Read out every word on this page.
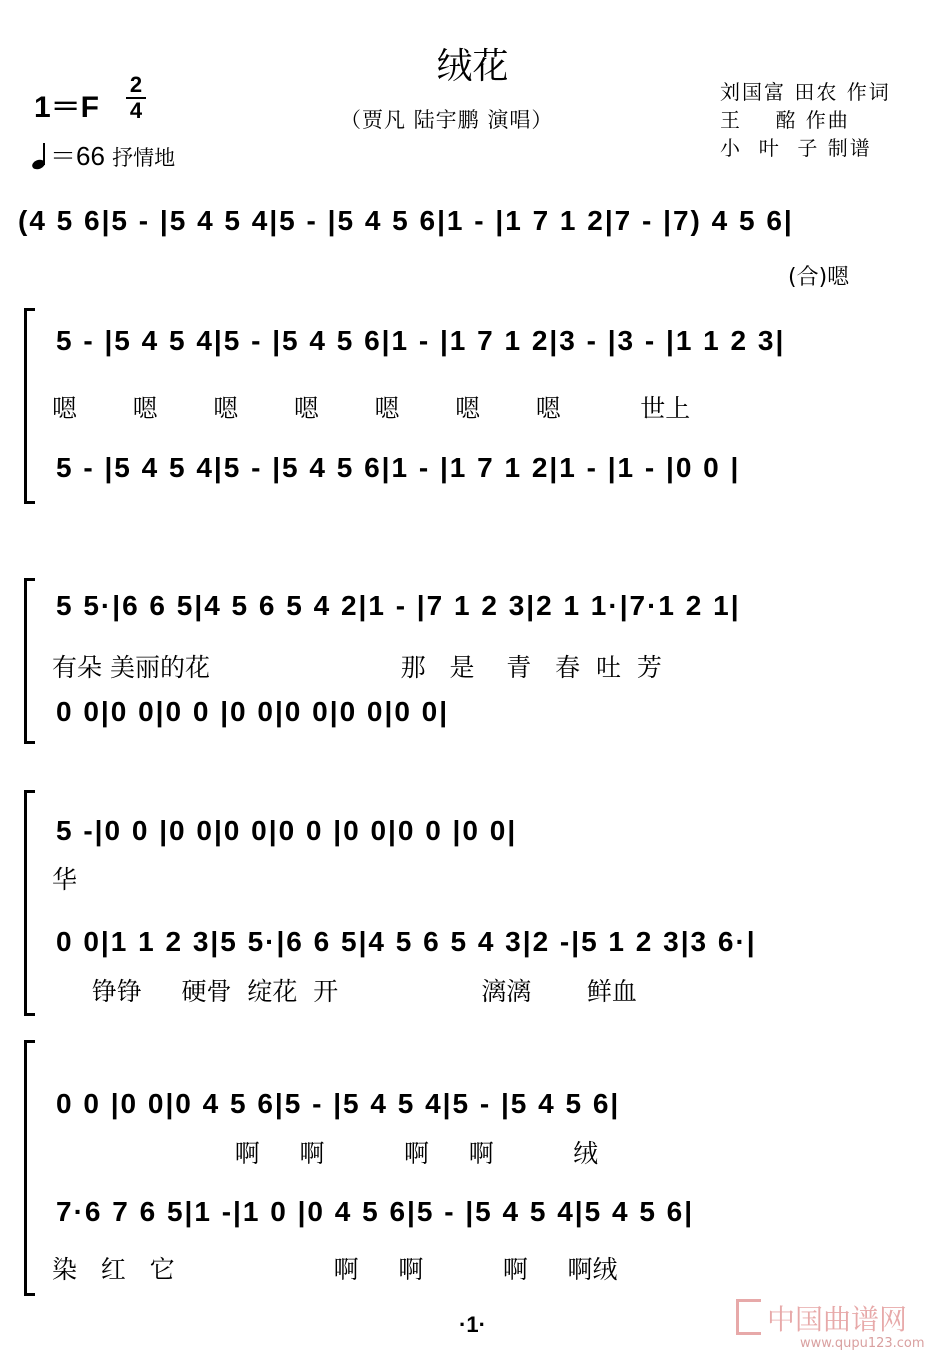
绒花
（贾凡 陆宇鹏 演唱）
1＝F
2
4
＝66 抒情地
刘国富 田农 作词
王    酩 作曲
小  叶  子 制谱
(4 5 6|5 - |5 4 5 4|5 - |5 4 5 6|1 - |1 7 1 2|7 - |7) 4 5 6|
(合)嗯
5 - |5 4 5 4|5 - |5 4 5 6|1 - |1 7 1 2|3 - |3 - |1 1 2 3|
嗯       嗯       嗯       嗯       嗯       嗯       嗯          世上
5 - |5 4 5 4|5 - |5 4 5 6|1 - |1 7 1 2|1 - |1 - |0 0 |
5 5·|6 6 5|4 5 6 5 4 2|1 - |7 1 2 3|2 1 1·|7·1 2 1|
有朵 美丽的花                        那   是    青   春  吐  芳
0 0|0 0|0 0 |0 0|0 0|0 0|0 0|
5 -|0 0 |0 0|0 0|0 0 |0 0|0 0 |0 0|
华
0 0|1 1 2 3|5 5·|6 6 5|4 5 6 5 4 3|2 -|5 1 2 3|3 6·|
铮铮     硬骨  绽花  开                  漓漓       鲜血
0 0 |0 0|0 4 5 6|5 - |5 4 5 4|5 - |5 4 5 6|
啊     啊          啊     啊          绒
7·6 7 6 5|1 -|1 0 |0 4 5 6|5 - |5 4 5 4|5 4 5 6|
染   红   它                    啊     啊          啊     啊绒
·1·	中国曲谱网
www.qupu123.com
